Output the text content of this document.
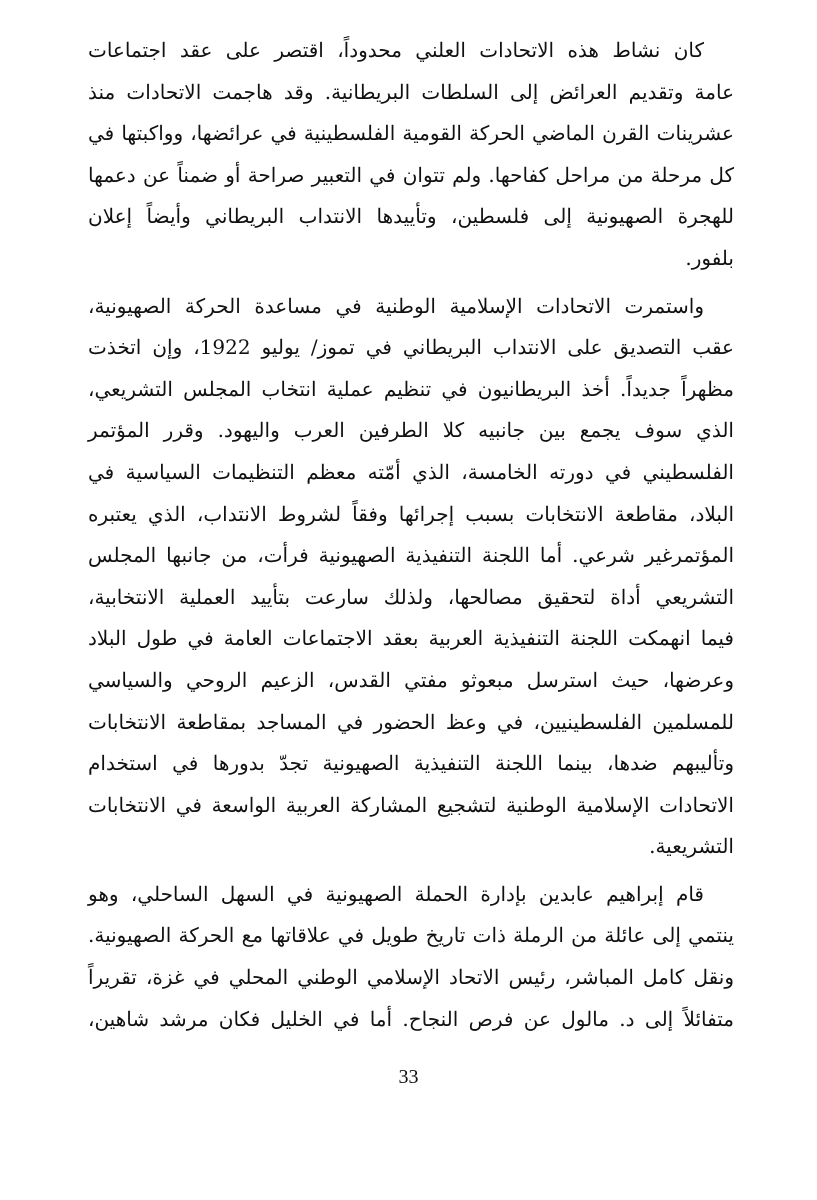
كان نشاط هذه الاتحادات العلني محدوداً، اقتصر على عقد اجتماعات
عامة وتقديم العرائض إلى السلطات البريطانية. وقد هاجمت الاتحادات منذ
عشرينات القرن الماضي الحركة القومية الفلسطينية في عرائضها، وواكبتها في
كل مرحلة من مراحل كفاحها. ولم تتوان في التعبير صراحة أو ضمناً عن دعمها
للهجرة الصهيونية إلى فلسطين، وتأييدها الانتداب البريطاني وأيضاً إعلان
بلفور.
واستمرت الاتحادات الإسلامية الوطنية في مساعدة الحركة الصهيونية،
عقب التصديق على الانتداب البريطاني في تموز/ يوليو 1922، وإن اتخذت
مظهراً جديداً. أخذ البريطانيون في تنظيم عملية انتخاب المجلس التشريعي،
الذي سوف يجمع بين جانبيه كلا الطرفين العرب واليهود. وقرر المؤتمر
الفلسطيني في دورته الخامسة، الذي أمّته معظم التنظيمات السياسية في
البلاد، مقاطعة الانتخابات بسبب إجرائها وفقاً لشروط الانتداب، الذي يعتبره
المؤتمرغير شرعي. أما اللجنة التنفيذية الصهيونية فرأت، من جانبها المجلس
التشريعي أداة لتحقيق مصالحها، ولذلك سارعت بتأييد العملية الانتخابية،
فيما انهمكت اللجنة التنفيذية العربية بعقد الاجتماعات العامة في طول البلاد
وعرضها، حيث استرسل مبعوثو مفتي القدس، الزعيم الروحي والسياسي
للمسلمين الفلسطينيين، في وعظ الحضور في المساجد بمقاطعة الانتخابات
وتأليبهم ضدها، بينما اللجنة التنفيذية الصهيونية تجدّ بدورها في استخدام
الاتحادات الإسلامية الوطنية لتشجيع المشاركة العربية الواسعة في الانتخابات
التشريعية.
قام إبراهيم عابدين بإدارة الحملة الصهيونية في السهل الساحلي، وهو
ينتمي إلى عائلة من الرملة ذات تاريخ طويل في علاقاتها مع الحركة الصهيونية.
ونقل كامل المباشر، رئيس الاتحاد الإسلامي الوطني المحلي في غزة، تقريراً
متفائلاً إلى د. مالول عن فرص النجاح. أما في الخليل فكان مرشد شاهين،
33
